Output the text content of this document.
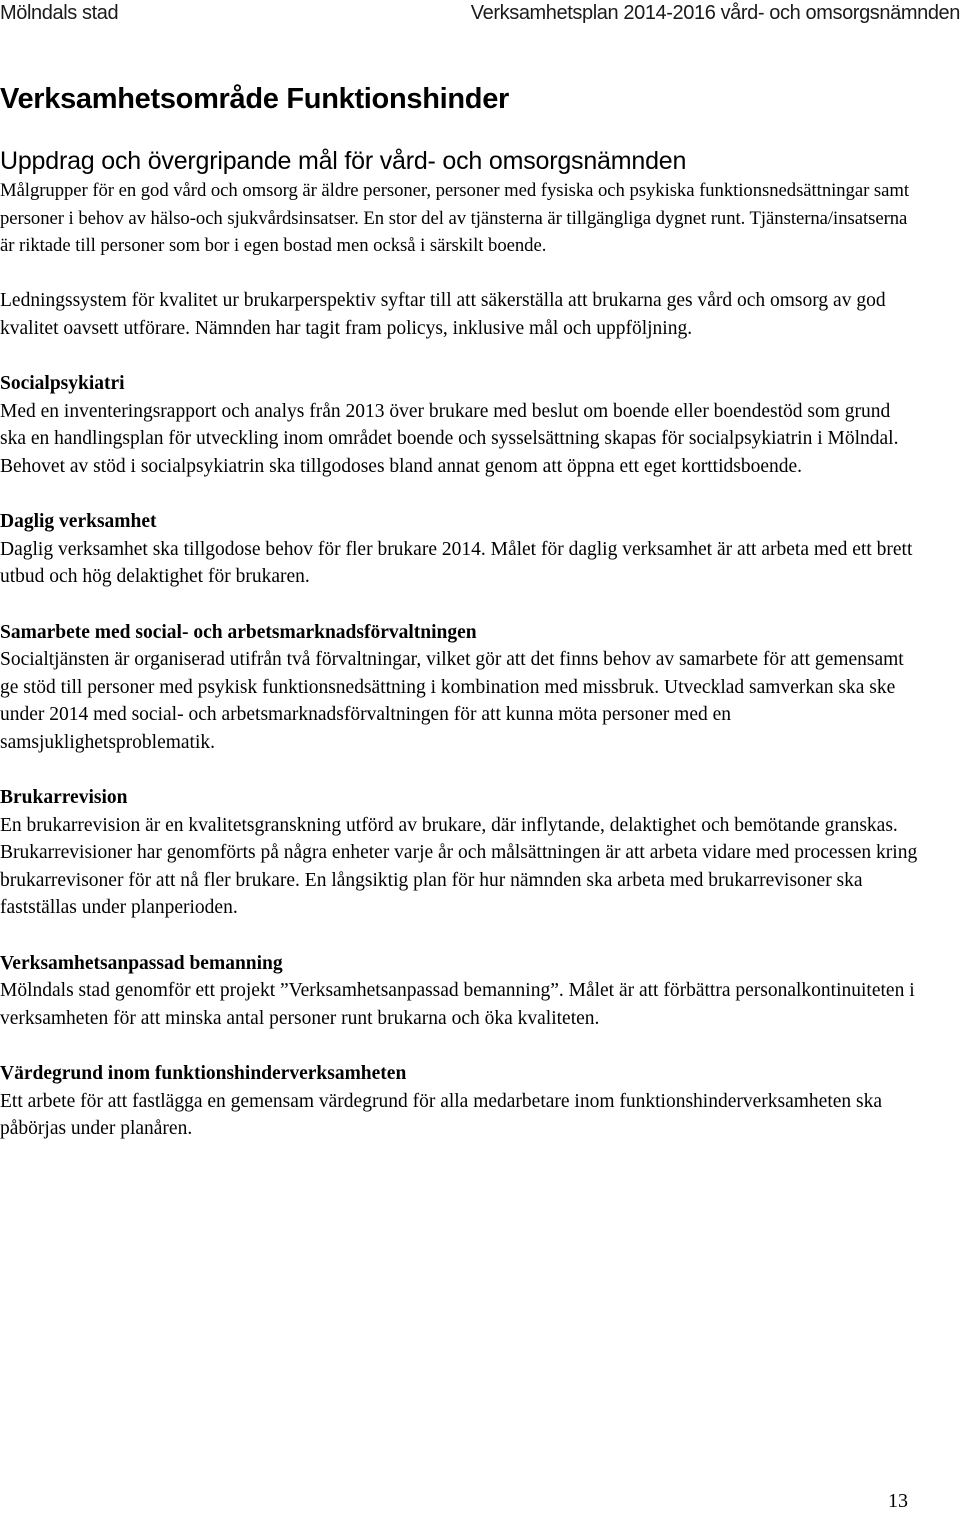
Mölndals stad	Verksamhetsplan 2014-2016 vård- och omsorgsnämnden
Verksamhetsområde Funktionshinder
Uppdrag och övergripande mål för vård- och omsorgsnämnden

Målgrupper för en god vård och omsorg är äldre personer, personer med fysiska och psykiska funktionsnedsättningar samt personer i behov av hälso-och sjukvårdsinsatser. En stor del av tjänsterna är tillgängliga dygnet runt. Tjänsterna/insatserna är riktade till personer som bor i egen bostad men också i särskilt boende.

Ledningssystem för kvalitet ur brukarperspektiv syftar till att säkerställa att brukarna ges vård och omsorg av god kvalitet oavsett utförare. Nämnden har tagit fram policys, inklusive mål och uppföljning.

Socialpsykiatri

Med en inventeringsrapport och analys från 2013 över brukare med beslut om boende eller boendestöd som grund ska en handlingsplan för utveckling inom området boende och sysselsättning skapas för socialpsykiatrin i Mölndal. Behovet av stöd i socialpsykiatrin ska tillgodoses bland annat genom att öppna ett eget korttidsboende.

Daglig verksamhet

Daglig verksamhet ska tillgodose behov för fler brukare 2014. Målet för daglig verksamhet är att arbeta med ett brett utbud och hög delaktighet för brukaren.

Samarbete med social- och arbetsmarknadsförvaltningen

Socialtjänsten är organiserad utifrån två förvaltningar, vilket gör att det finns behov av samarbete för att gemensamt ge stöd till personer med psykisk funktionsnedsättning i kombination med missbruk. Utvecklad samverkan ska ske under 2014 med social- och arbetsmarknadsförvaltningen för att kunna möta personer med en samsjuklighetsproblematik.

Brukarrevision

En brukarrevision är en kvalitetsgranskning utförd av brukare, där inflytande, delaktighet och bemötande granskas. Brukarrevisioner har genomförts på några enheter varje år och målsättningen är att arbeta vidare med processen kring brukarrevisoner för att nå fler brukare. En långsiktig plan för hur nämnden ska arbeta med brukarrevisoner ska fastställas under planperioden.

Verksamhetsanpassad bemanning

Mölndals stad genomför ett projekt ”Verksamhetsanpassad bemanning”. Målet är att förbättra personalkontinuiteten i verksamheten för att minska antal personer runt brukarna och öka kvaliteten.

Värdegrund inom funktionshinderverksamheten

Ett arbete för att fastlägga en gemensam värdegrund för alla medarbetare inom funktionshinderverksamheten ska påbörjas under planåren.

13
